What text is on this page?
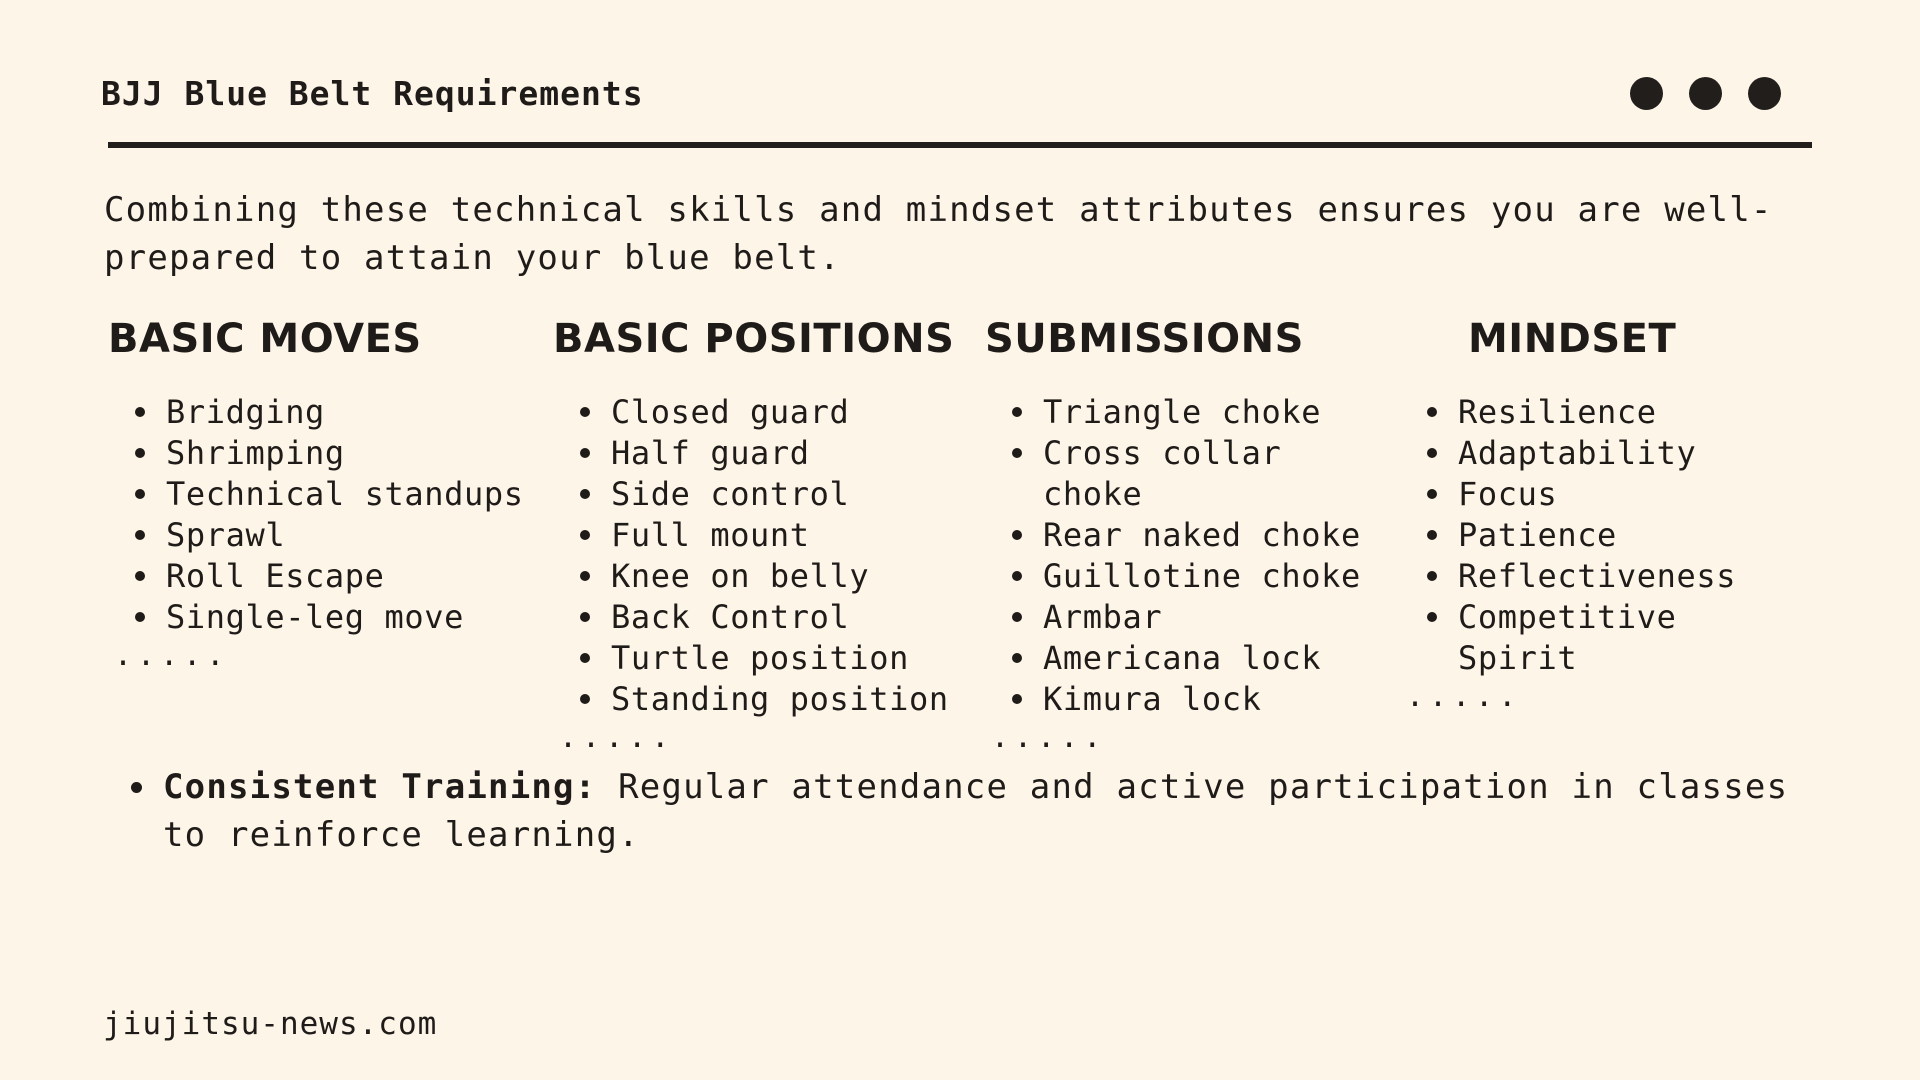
BJJ Blue Belt Requirements

Combining these technical skills and mindset attributes ensures you are well-prepared to attain your blue belt.

BASIC MOVES
Bridging
Shrimping
Technical standups
Sprawl
Roll Escape
Single-leg move
.....
BASIC POSITIONS
Closed guard
Half guard
Side control
Full mount
Knee on belly
Back Control
Turtle position
Standing position
.....
SUBMISSIONS
Triangle choke
Cross collar choke
Rear naked choke
Guillotine choke
Armbar
Americana lock
Kimura lock
.....
MINDSET
Resilience
Adaptability
Focus
Patience
Reflectiveness
Competitive Spirit
.....
Consistent Training: Regular attendance and active participation in classes to reinforce learning.

jiujitsu-news.com
